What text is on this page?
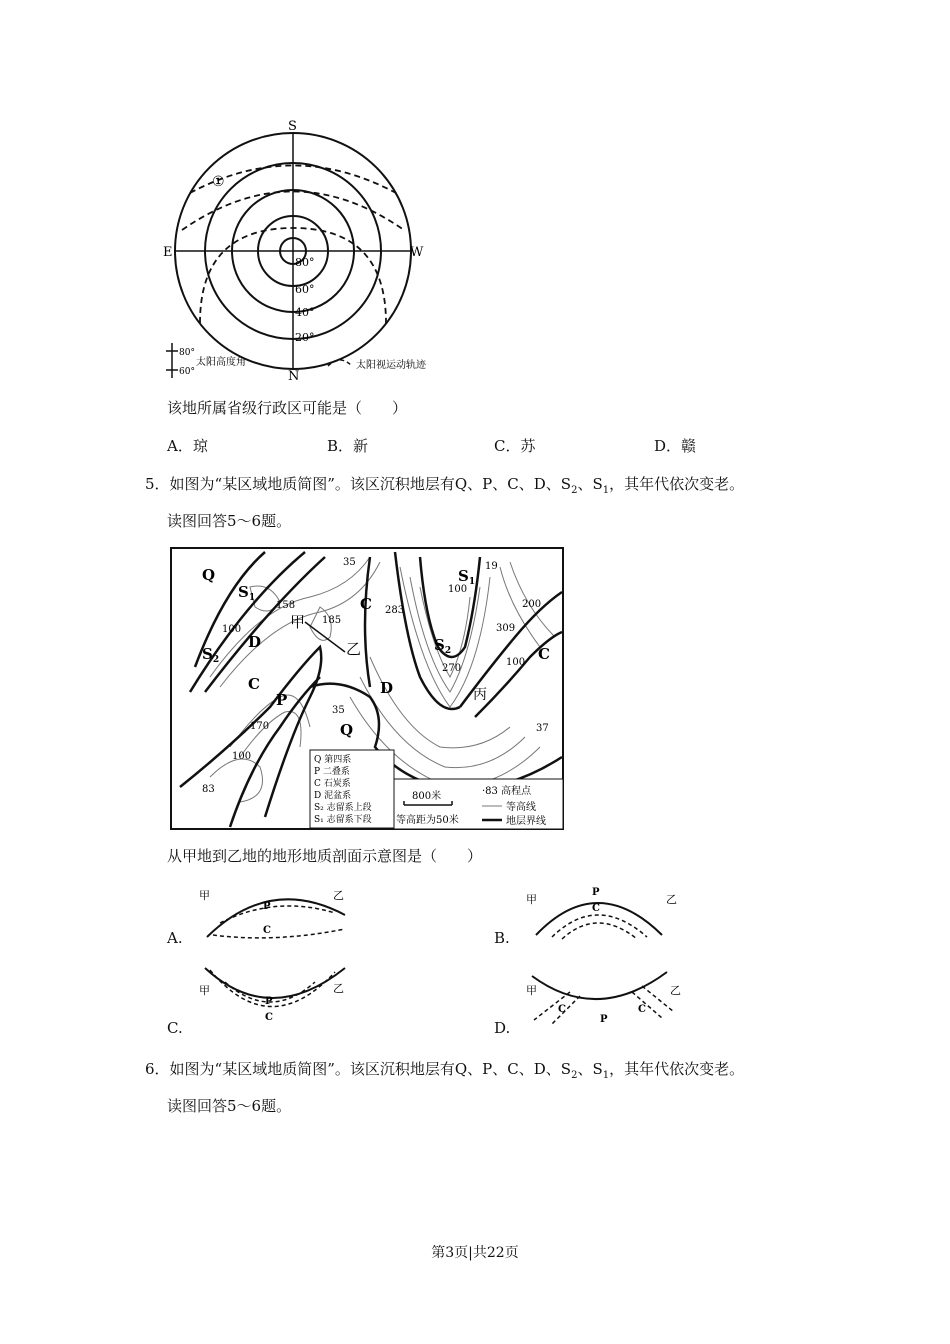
S
N
E	W
①
80°
60°
40°
20°
80°
60°
太阳高度角	太阳视运动轨迹
该地所属省级行政区可能是（　　）
A．琼	B．新	C．苏	D．赣
5．如图为“某区域地质简图”。该区沉积地层有Q、P、C、D、$S_2$、$S_1$，其年代依次变老。
读图回答5～6题。
Q
$S_1$
D
$S_2$
C
P
C
$S_1$
$S_2$
D
C
Q
甲
乙
丙
35
158
185
283
19
309
270
35
170
100
83
37
100
100
200
100
Q 第四系
P 二叠系
C 石炭系
D 泥盆系
S₂ 志留系上段
S₁ 志留系下段
800米
等高距为50米
·83 高程点
等高线
地层界线
从甲地到乙地的地形地质剖面示意图是（　　）
甲	乙
P
C
A.
甲	乙
P
C
B.
甲	乙
P
C
C.
甲	乙
P
C	C
D.
6．如图为“某区域地质简图”。该区沉积地层有Q、P、C、D、$S_2$、$S_1$，其年代依次变老。
读图回答5～6题。
第3页|共22页
